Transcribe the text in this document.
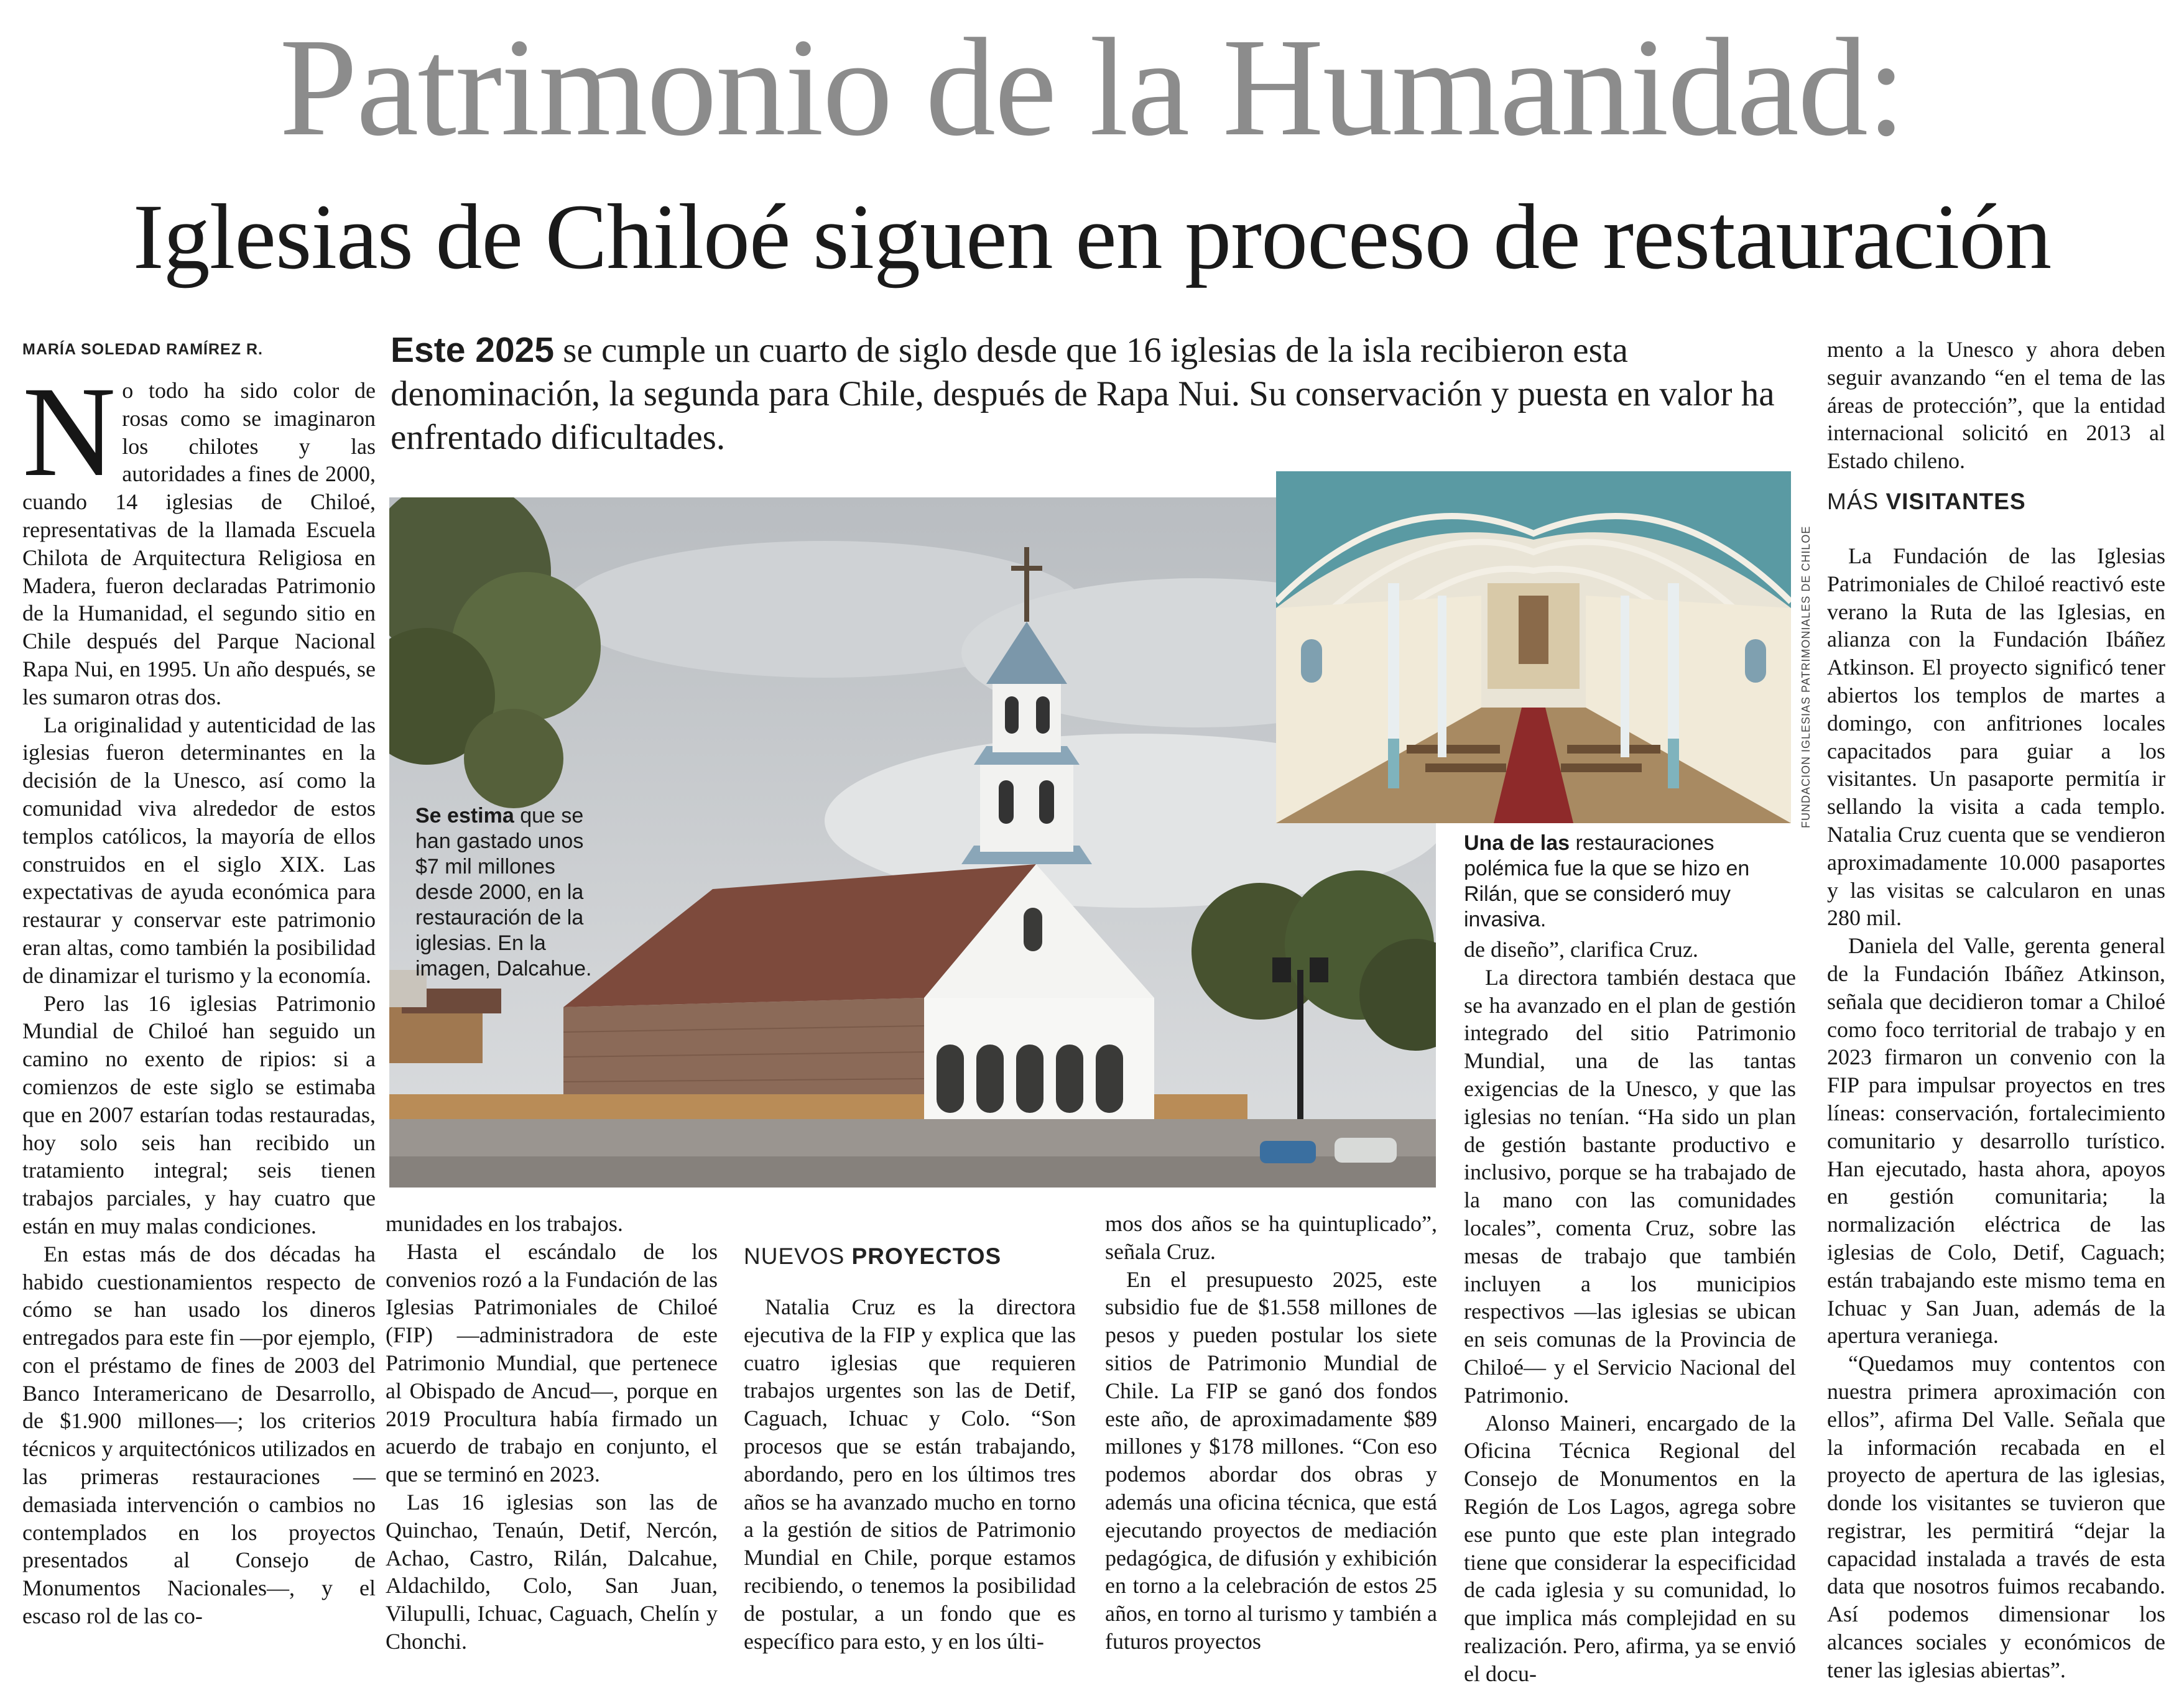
Patrimonio de la Humanidad:
Iglesias de Chiloé siguen en proceso de restauración
MARÍA SOLEDAD RAMÍREZ R.	Este 2025 se cumple un cuarto de siglo desde que 16 iglesias de la isla recibieron esta denominación, la segunda para Chile, después de Rapa Nui. Su conservación y puesta en valor ha enfrentado dificultades.

No todo ha sido color de rosas como se imaginaron los chilotes y las autoridades a fines de 2000, cuando 14 iglesias de Chiloé, representativas de la llamada Escuela Chilota de Arquitectura Religiosa en Madera, fueron declaradas Patrimonio de la Humanidad, el segundo sitio en Chile después del Parque Nacional Rapa Nui, en 1995. Un año después, se les sumaron otras dos.

La originalidad y autenticidad de las iglesias fueron determinantes en la decisión de la Unesco, así como la comunidad viva alrededor de estos templos católicos, la mayoría de ellos construidos en el siglo XIX. Las expectativas de ayuda económica para restaurar y conservar este patrimonio eran altas, como también la posibilidad de dinamizar el turismo y la economía.

Pero las 16 iglesias Patrimonio Mundial de Chiloé han seguido un camino no exento de ripios: si a comienzos de este siglo se estimaba que en 2007 estarían todas restauradas, hoy solo seis han recibido un tratamiento integral; seis tienen trabajos parciales, y hay cuatro que están en muy malas condiciones.

En estas más de dos décadas ha habido cuestionamientos respecto de cómo se han usado los dineros entregados para este fin —por ejemplo, con el préstamo de fines de 2003 del Banco Interamericano de Desarrollo, de $1.900 millones—; los criterios técnicos y arquitectónicos utilizados en las primeras restauraciones —demasiada intervención o cambios no contemplados en los proyectos presentados al Consejo de Monumentos Nacionales—, y el escaso rol de las co-

Se estima que se han gastado unos $7 mil millones desde 2000, en la restauración de la iglesias. En la imagen, Dalcahue.
FUNDACION IGLESIAS PATRIMONIALES DE CHILOE
Una de las restauraciones polémica fue la que se hizo en Rilán, que se consideró muy invasiva.

munidades en los trabajos.

Hasta el escándalo de los convenios rozó a la Fundación de las Iglesias Patrimoniales de Chiloé (FIP) —administradora de este Patrimonio Mundial, que pertenece al Obispado de Ancud—, porque en 2019 Procultura había firmado un acuerdo de trabajo en conjunto, el que se terminó en 2023.

Las 16 iglesias son las de Quinchao, Tenaún, Detif, Nercón, Achao, Castro, Rilán, Dalcahue, Aldachildo, Colo, San Juan, Vilupulli, Ichuac, Caguach, Chelín y Chonchi.

NUEVOS PROYECTOS

Natalia Cruz es la directora ejecutiva de la FIP y explica que las cuatro iglesias que requieren trabajos urgentes son las de Detif, Caguach, Ichuac y Colo. “Son procesos que se están trabajando, abordando, pero en los últimos tres años se ha avanzado mucho en torno a la gestión de sitios de Patrimonio Mundial en Chile, porque estamos recibiendo, o tenemos la posibilidad de postular, a un fondo que es específico para esto, y en los últi-

mos dos años se ha quintuplicado”, señala Cruz.

En el presupuesto 2025, este subsidio fue de $1.558 millones de pesos y pueden postular los siete sitios de Patrimonio Mundial de Chile. La FIP se ganó dos fondos este año, de aproximadamente $89 millones y $178 millones. “Con eso podemos abordar dos obras y además una oficina técnica, que está ejecutando proyectos de mediación pedagógica, de difusión y exhibición en torno a la celebración de estos 25 años, en torno al turismo y también a futuros proyectos

de diseño”, clarifica Cruz.

La directora también destaca que se ha avanzado en el plan de gestión integrado del sitio Patrimonio Mundial, una de las tantas exigencias de la Unesco, y que las iglesias no tenían. “Ha sido un plan de gestión bastante productivo e inclusivo, porque se ha trabajado de la mano con las comunidades locales”, comenta Cruz, sobre las mesas de trabajo que también incluyen a los municipios respectivos —las iglesias se ubican en seis comunas de la Provincia de Chiloé— y el Servicio Nacional del Patrimonio.

Alonso Maineri, encargado de la Oficina Técnica Regional del Consejo de Monumentos en la Región de Los Lagos, agrega sobre ese punto que este plan integrado tiene que considerar la especificidad de cada iglesia y su comunidad, lo que implica más complejidad en su realización. Pero, afirma, ya se envió el docu-

mento a la Unesco y ahora deben seguir avanzando “en el tema de las áreas de protección”, que la entidad internacional solicitó en 2013 al Estado chileno.

MÁS VISITANTES

La Fundación de las Iglesias Patrimoniales de Chiloé reactivó este verano la Ruta de las Iglesias, en alianza con la Fundación Ibáñez Atkinson. El proyecto significó tener abiertos los templos de martes a domingo, con anfitriones locales capacitados para guiar a los visitantes. Un pasaporte permitía ir sellando la visita a cada templo. Natalia Cruz cuenta que se vendieron aproximadamente 10.000 pasaportes y las visitas se calcularon en unas 280 mil.

Daniela del Valle, gerenta general de la Fundación Ibáñez Atkinson, señala que decidieron tomar a Chiloé como foco territorial de trabajo y en 2023 firmaron un convenio con la FIP para impulsar proyectos en tres líneas: conservación, fortalecimiento comunitario y desarrollo turístico. Han ejecutado, hasta ahora, apoyos en gestión comunitaria; la normalización eléctrica de las iglesias de Colo, Detif, Caguach; están trabajando este mismo tema en Ichuac y San Juan, además de la apertura veraniega.

“Quedamos muy contentos con nuestra primera aproximación con ellos”, afirma Del Valle. Señala que la información recabada en el proyecto de apertura de las iglesias, donde los visitantes se tuvieron que registrar, les permitirá “dejar la capacidad instalada a través de esta data que nosotros fuimos recabando. Así podemos dimensionar los alcances sociales y económicos de tener las iglesias abiertas”.
